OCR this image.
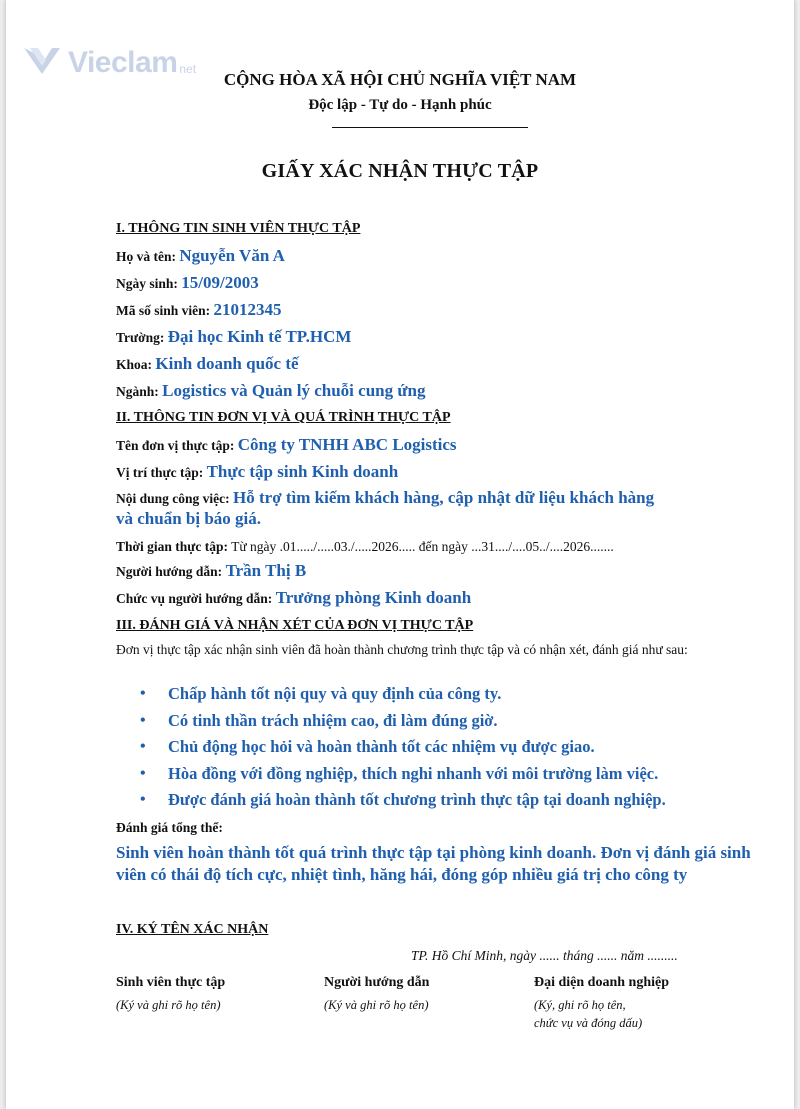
Vieclam net
CỘNG HÒA XÃ HỘI CHỦ NGHĨA VIỆT NAM
Độc lập - Tự do - Hạnh phúc
GIẤY XÁC NHẬN THỰC TẬP
I. THÔNG TIN SINH VIÊN THỰC TẬP
Họ và tên: Nguyễn Văn A
Ngày sinh: 15/09/2003
Mã số sinh viên: 21012345
Trường: Đại học Kinh tế TP.HCM
Khoa: Kinh doanh quốc tế
Ngành: Logistics và Quản lý chuỗi cung ứng
II. THÔNG TIN ĐƠN VỊ VÀ QUÁ TRÌNH THỰC TẬP
Tên đơn vị thực tập: Công ty TNHH ABC Logistics
Vị trí thực tập: Thực tập sinh Kinh doanh
Nội dung công việc: Hỗ trợ tìm kiếm khách hàng, cập nhật dữ liệu khách hàng
và chuẩn bị báo giá.
Thời gian thực tập: Từ ngày .01...../.....03./.....2026..... đến ngày ...31..../....05../....2026.......
Người hướng dẫn: Trần Thị B
Chức vụ người hướng dẫn: Trưởng phòng Kinh doanh
III. ĐÁNH GIÁ VÀ NHẬN XÉT CỦA ĐƠN VỊ THỰC TẬP
Đơn vị thực tập xác nhận sinh viên đã hoàn thành chương trình thực tập và có nhận xét, đánh giá như sau:
• Chấp hành tốt nội quy và quy định của công ty.
• Có tinh thần trách nhiệm cao, đi làm đúng giờ.
• Chủ động học hỏi và hoàn thành tốt các nhiệm vụ được giao.
• Hòa đồng với đồng nghiệp, thích nghi nhanh với môi trường làm việc.
• Được đánh giá hoàn thành tốt chương trình thực tập tại doanh nghiệp.
Đánh giá tổng thể:
Sinh viên hoàn thành tốt quá trình thực tập tại phòng kinh doanh. Đơn vị đánh giá sinh viên có thái độ tích cực, nhiệt tình, hăng hái, đóng góp nhiều giá trị cho công ty
IV. KÝ TÊN XÁC NHẬN
TP. Hồ Chí Minh, ngày ...... tháng ...... năm .........
Sinh viên thực tập
(Ký và ghi rõ họ tên)
Người hướng dẫn
(Ký và ghi rõ họ tên)
Đại diện doanh nghiệp
(Ký, ghi rõ họ tên,
chức vụ và đóng dấu)
